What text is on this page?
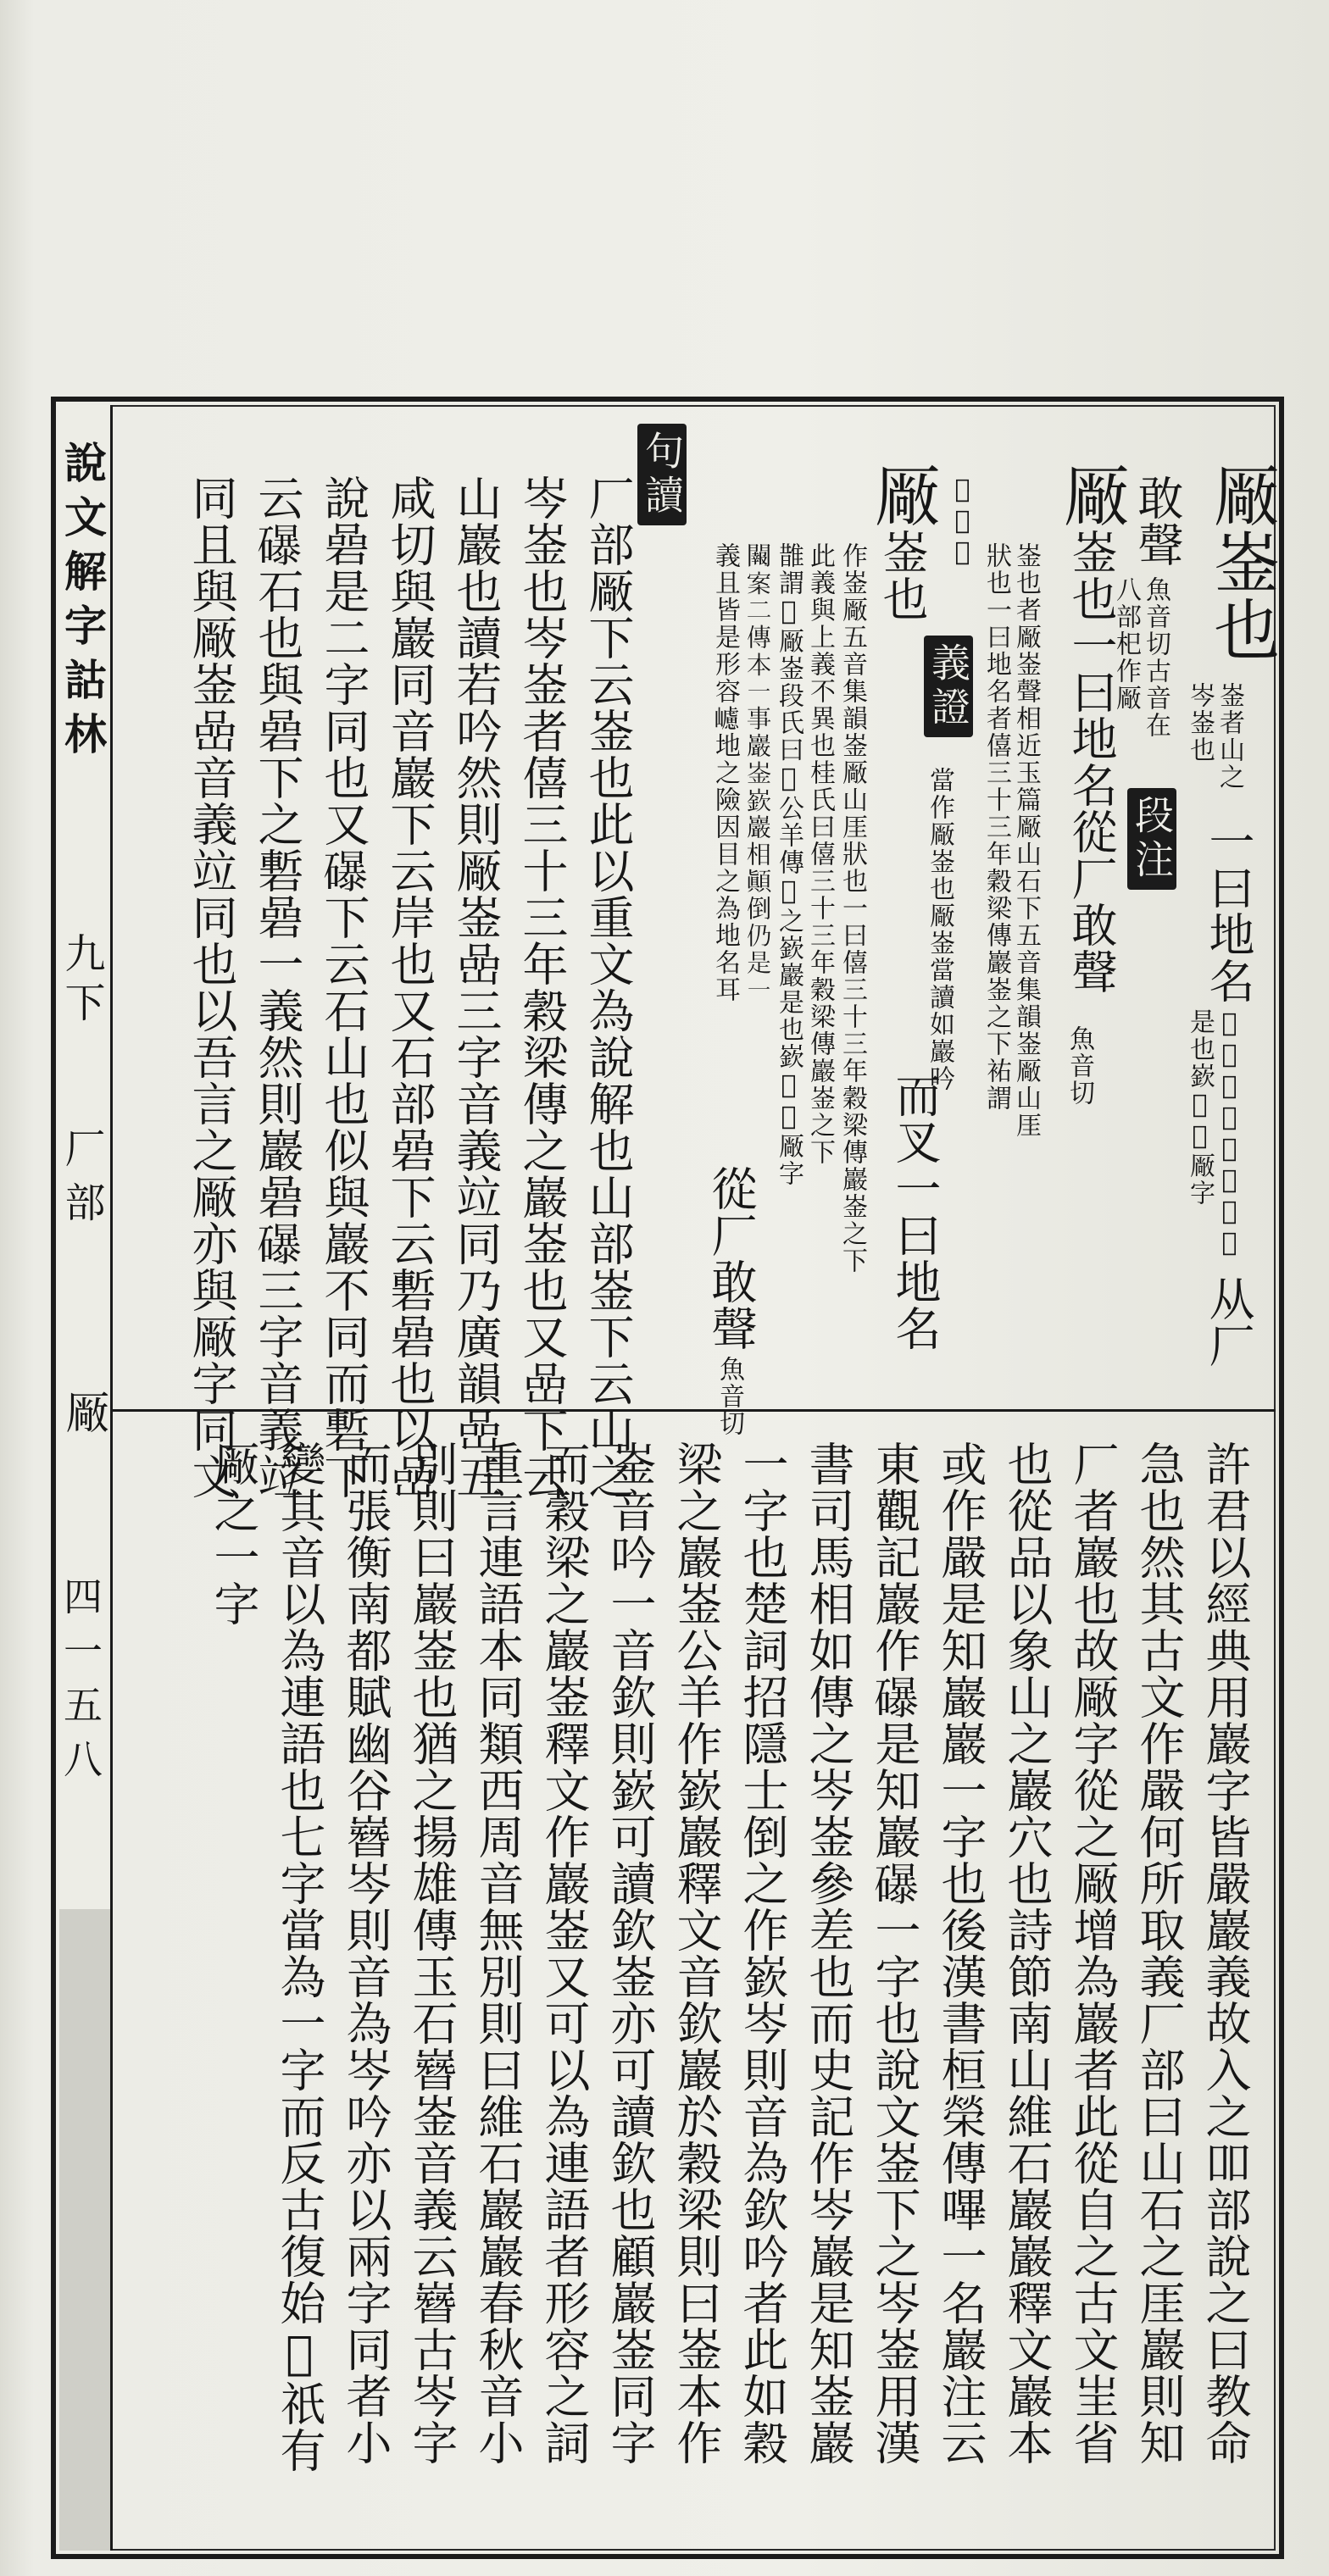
說文解字詁林
九下
厂部
厰
四一五八
厰崟也
崟者山之
岑崟也
一曰地名
𡽹公羊傳𡾅之嶔巖
是也嶔𡽹𨻢厰字
从厂
敢聲
魚音切古音在
八部𣏌作厰
段注
厰崟也一曰地名從厂敢聲
魚音切
崟也者厰崟聲相近玉篇厰山石下五音集韻崟厰山厓
狀也一曰地名者僖三十三年穀梁傳巖崟之下𧙗謂
𨻢厰崟
義證
厰崟也
當作厰崟也厰崟當讀如巖吟
而叉一曰地名
作崟厰五音集韻崟厰山厓狀也一曰僖三十三年穀梁傳巖崟之下
此義與上義不異也桂氏曰僖三十三年穀梁傳巖崟之下
䧿謂𨻢厰崟段氏曰𡽹公羊傳𡾅之嶔巖是也嶔𡽹𨻢厰字
𨷂案二傳本一事巖崟嶔巖相顛倒仍是一
句讀
義且皆是形容𡾅地之險因目之為地名耳
從厂敢聲
魚音切
厂部厰下云崟也此以重文為說解也山部崟下云山之
岑崟也岑崟者僖三十三年穀梁傳之巖崟也又嵒下云
山巖也讀若吟然則厰崟嵒三字音義竝同乃廣韻嵒五
咸切與巖同音巖下云岸也又石部碞下云磛碞也以嵒
說碞是二字同也又𥗋下云石山也似與巖不同而磛下
云𥗋石也與碞下之磛碞一義然則巖碞𥗋三字音義竝
同且與厰崟嵒音義竝同也以吾言之厰亦與厰字同文
許君以經典用巖字皆嚴巖義故入之吅部說之曰教命
急也然其古文作嚴何所取義厂部曰山石之厓巖則知
厂者巖也故厰字從之厰增為巖者此從自之古文㞷省
也從品以象山之巖穴也詩節南山維石巖巖釋文巖本
或作嚴是知巖巖一字也後漢書桓榮傳嗶一名巖注云
東觀記巖作𥗋是知巖𥗋一字也說文崟下之岑崟用漢
書司馬相如傳之岑崟參差也而史記作岑巖是知崟巖
一字也楚詞招隱士倒之作嶔岑則音為欽吟者此如穀
梁之巖崟公羊作嶔巖釋文音欽巖於穀梁則曰崟本作
崟音吟一音欽則嶔可讀欽崟亦可讀欽也顧巖崟同字
而穀梁之巖崟釋文作巖崟又可以為連語者形容之詞
重言連語本同類西周音無別則曰維石巖巖春秋音小
別則曰巖崟也猶之揚雄傳玉石嶜崟音義云嶜古岑字
而張衡南都賦幽谷嶜岑則音為岑吟亦以兩字同者小
變其音以為連語也七字當為一字而反古復始𡽹祇有
厰之一字
